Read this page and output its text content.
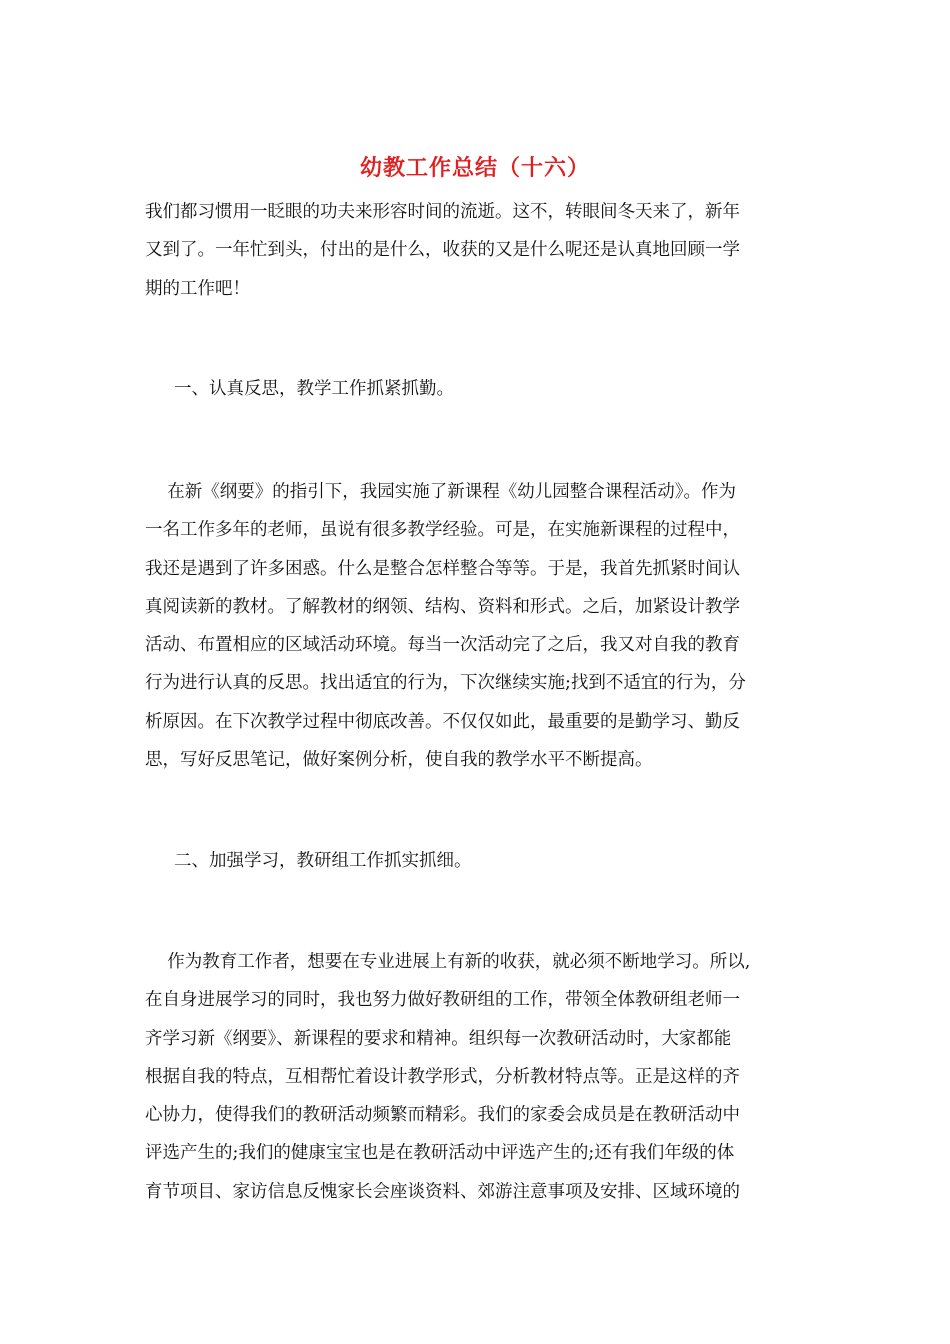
幼教工作总结（十六）
我们都习惯用一眨眼的功夫来形容时间的流逝。这不，转眼间冬天来了，新年
又到了。一年忙到头，付出的是什么，收获的又是什么呢还是认真地回顾一学
期的工作吧！
一、认真反思，教学工作抓紧抓勤。
在新《纲要》的指引下，我园实施了新课程《幼儿园整合课程活动》。作为
一名工作多年的老师，虽说有很多教学经验。可是，在实施新课程的过程中，
我还是遇到了许多困惑。什么是整合怎样整合等等。于是，我首先抓紧时间认
真阅读新的教材。了解教材的纲领、结构、资料和形式。之后，加紧设计教学
活动、布置相应的区域活动环境。每当一次活动完了之后，我又对自我的教育
行为进行认真的反思。找出适宜的行为，下次继续实施;找到不适宜的行为，分
析原因。在下次教学过程中彻底改善。不仅仅如此，最重要的是勤学习、勤反
思，写好反思笔记，做好案例分析，使自我的教学水平不断提高。
二、加强学习，教研组工作抓实抓细。
作为教育工作者，想要在专业进展上有新的收获，就必须不断地学习。所以,
在自身进展学习的同时，我也努力做好教研组的工作，带领全体教研组老师一
齐学习新《纲要》、新课程的要求和精神。组织每一次教研活动时，大家都能
根据自我的特点，互相帮忙着设计教学形式，分析教材特点等。正是这样的齐
心协力，使得我们的教研活动频繁而精彩。我们的家委会成员是在教研活动中
评选产生的;我们的健康宝宝也是在教研活动中评选产生的;还有我们年级的体
育节项目、家访信息反愧家长会座谈资料、郊游注意事项及安排、区域环境的
